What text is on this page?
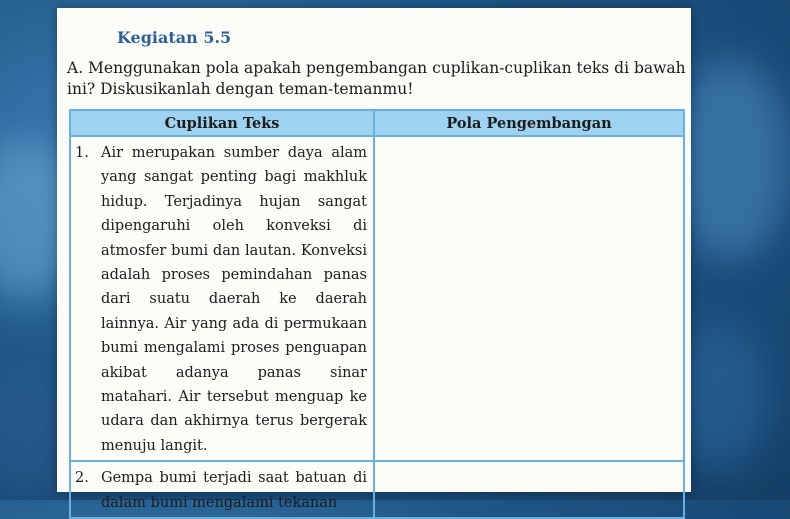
Kegiatan 5.5

A. Menggunakan pola apakah pengembangan cuplikan-cuplikan teks di bawah ini? Diskusikanlah dengan teman-temanmu!

Cuplikan Teks	Pola Pengembangan

1. Air merupakan sumber daya alam yang sangat penting bagi makhluk hidup. Terjadinya hujan sangat dipengaruhi oleh konveksi di atmosfer bumi dan lautan. Konveksi adalah proses pemindahan panas dari suatu daerah ke daerah lainnya. Air yang ada di permukaan bumi mengalami proses penguapan akibat adanya panas sinar matahari. Air tersebut menguap ke udara dan akhirnya terus bergerak menuju langit.	

2. Gempa bumi terjadi saat batuan di dalam bumi mengalami tekanan	
